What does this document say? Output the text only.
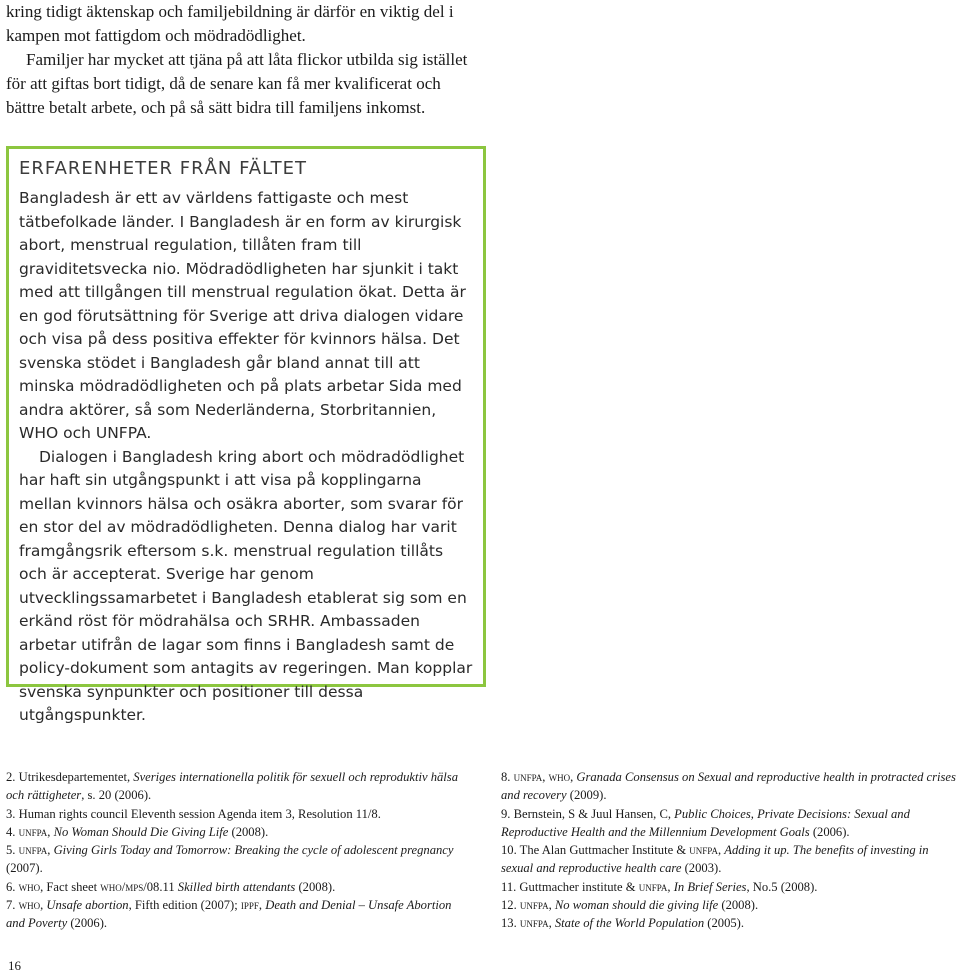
kring tidigt äktenskap och familjebildning är därför en viktig del i kampen mot fattigdom och mödradödlighet.

Familjer har mycket att tjäna på att låta flickor utbilda sig istället för att giftas bort tidigt, då de senare kan få mer kvalificerat och bättre betalt arbete, och på så sätt bidra till familjens inkomst.

ERFARENHETER FRÅN FÄLTET

Bangladesh är ett av världens fattigaste och mest tätbefolkade länder. I Bangladesh är en form av kirurgisk abort, menstrual regulation, tillåten fram till graviditetsvecka nio. Mödradödligheten har sjunkit i takt med att tillgången till menstrual regulation ökat. Detta är en god förutsättning för Sverige att driva dialogen vidare och visa på dess positiva effekter för kvinnors hälsa. Det svenska stödet i Bangladesh går bland annat till att minska mödradödligheten och på plats arbetar Sida med andra aktörer, så som Nederländerna, Storbritannien, WHO och UNFPA.

Dialogen i Bangladesh kring abort och mödradödlighet har haft sin utgångspunkt i att visa på kopplingarna mellan kvinnors hälsa och osäkra aborter, som svarar för en stor del av mödradödligheten. Denna dialog har varit framgångsrik eftersom s.k. menstrual regulation tillåts och är accepterat. Sverige har genom utvecklingssamarbetet i Bangladesh etablerat sig som en erkänd röst för mödrahälsa och SRHR. Ambassaden arbetar utifrån de lagar som finns i Bangladesh samt de policy-dokument som antagits av regeringen. Man kopplar svenska synpunkter och positioner till dessa utgångspunkter.

2. Utrikesdepartementet, Sveriges internationella politik för sexuell och reproduktiv hälsa och rättigheter, s. 20 (2006).

3. Human rights council Eleventh session Agenda item 3, Resolution 11/8.

4. unfpa, No Woman Should Die Giving Life (2008).

5. unfpa, Giving Girls Today and Tomorrow: Breaking the cycle of adolescent pregnancy (2007).

6. who, Fact sheet who/mps/08.11 Skilled birth attendants (2008).

7. who, Unsafe abortion, Fifth edition (2007); ippf, Death and Denial – Unsafe Abortion and Poverty (2006).

8. unfpa, who, Granada Consensus on Sexual and reproductive health in protracted crises and recovery (2009).

9. Bernstein, S & Juul Hansen, C, Public Choices, Private Decisions: Sexual and Reproductive Health and the Millennium Development Goals (2006).

10. The Alan Guttmacher Institute & unfpa, Adding it up. The benefits of investing in sexual and reproductive health care (2003).

11. Guttmacher institute & unfpa, In Brief Series, No.5 (2008).

12. unfpa, No woman should die giving life (2008).

13. unfpa, State of the World Population (2005).

16
